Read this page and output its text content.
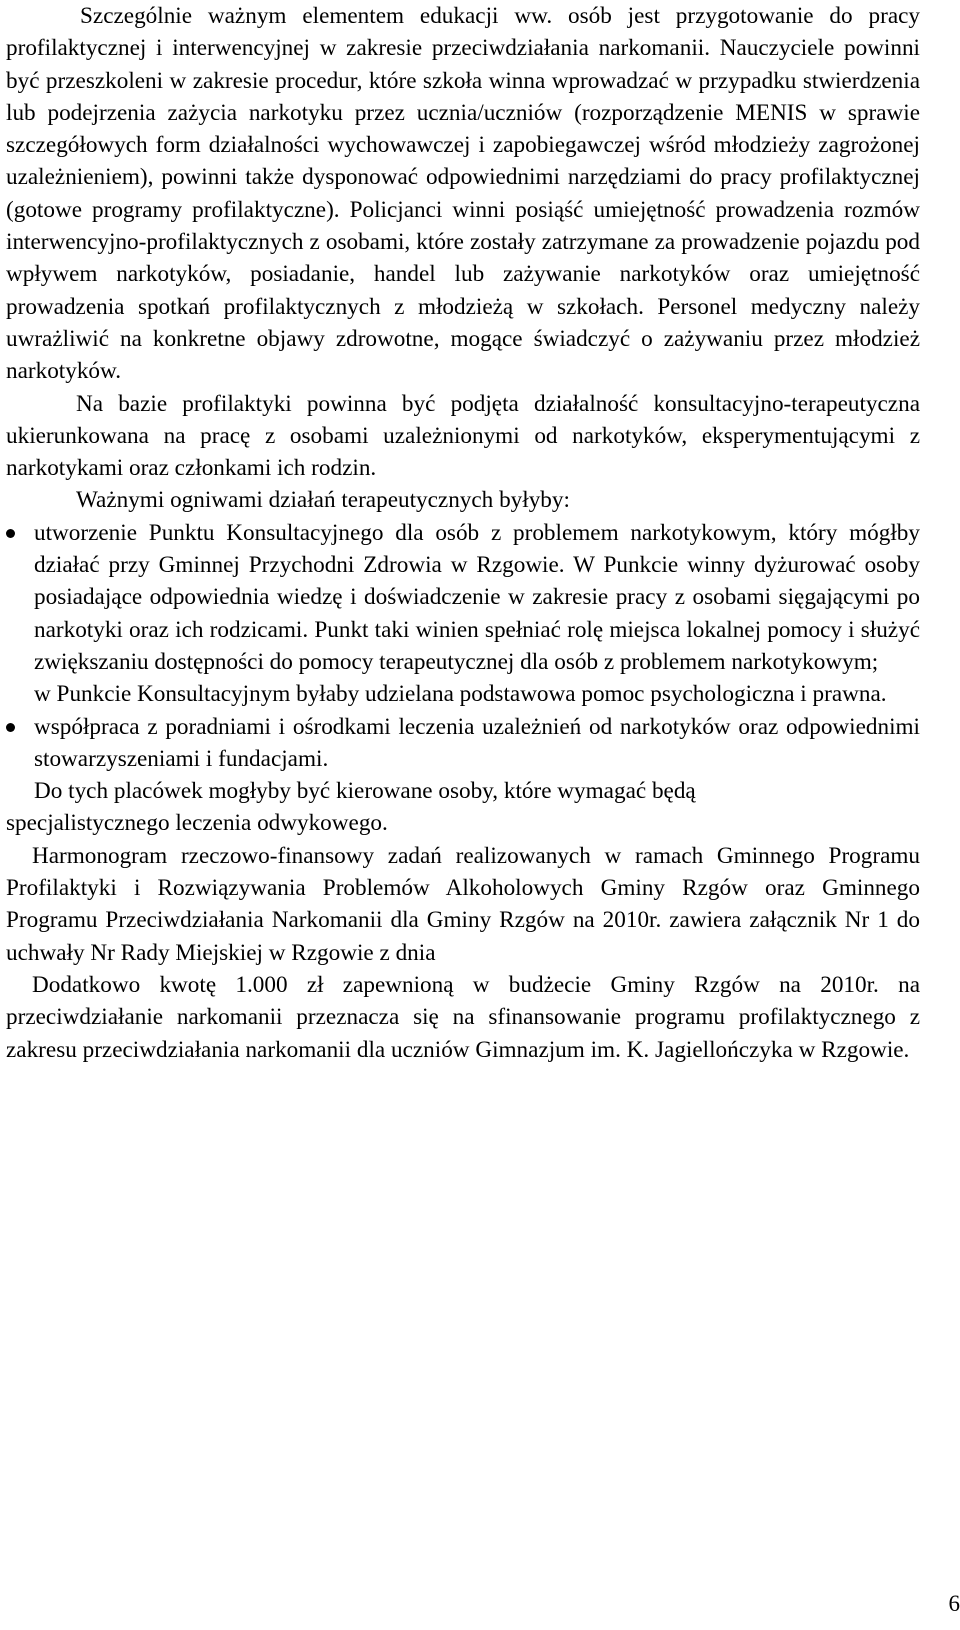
Szczególnie ważnym elementem edukacji ww. osób jest przygotowanie do pracy profilaktycznej i interwencyjnej w zakresie przeciwdziałania narkomanii. Nauczyciele powinni być przeszkoleni w zakresie procedur, które szkoła winna wprowadzać w przypadku stwierdzenia lub podejrzenia zażycia narkotyku przez ucznia/uczniów (rozporządzenie MENIS w sprawie szczegółowych form działalności wychowawczej i zapobiegawczej wśród młodzieży zagrożonej uzależnieniem), powinni także dysponować odpowiednimi narzędziami do pracy profilaktycznej (gotowe programy profilaktyczne). Policjanci winni posiąść umiejętność prowadzenia rozmów interwencyjno-profilaktycznych z osobami, które zostały zatrzymane za prowadzenie pojazdu pod wpływem narkotyków, posiadanie, handel lub zażywanie narkotyków oraz umiejętność prowadzenia spotkań profilaktycznych z młodzieżą w szkołach. Personel medyczny należy uwrażliwić na konkretne objawy zdrowotne, mogące świadczyć o zażywaniu przez młodzież narkotyków.

Na bazie profilaktyki powinna być podjęta działalność konsultacyjno-terapeutyczna ukierunkowana na pracę z osobami uzależnionymi od narkotyków, eksperymentującymi z narkotykami oraz członkami ich rodzin.

Ważnymi ogniwami działań terapeutycznych byłyby:

utworzenie Punktu Konsultacyjnego dla osób z problemem narkotykowym, który mógłby działać przy Gminnej Przychodni Zdrowia w Rzgowie. W Punkcie winny dyżurować osoby posiadające odpowiednia wiedzę i doświadczenie w zakresie pracy z osobami sięgającymi po narkotyki oraz ich rodzicami. Punkt taki winien spełniać rolę miejsca lokalnej pomocy i służyć zwiększaniu dostępności do pomocy terapeutycznej dla osób z problemem narkotykowym;

w Punkcie Konsultacyjnym byłaby udzielana podstawowa pomoc psychologiczna i prawna.

współpraca z poradniami i ośrodkami leczenia uzależnień od narkotyków oraz odpowiednimi stowarzyszeniami i fundacjami.

Do tych placówek mogłyby być kierowane osoby, które wymagać będą

specjalistycznego leczenia odwykowego.

Harmonogram rzeczowo-finansowy zadań realizowanych w ramach Gminnego Programu Profilaktyki i Rozwiązywania Problemów Alkoholowych Gminy Rzgów oraz Gminnego Programu Przeciwdziałania Narkomanii dla Gminy Rzgów na 2010r. zawiera załącznik Nr 1 do uchwały Nr Rady Miejskiej w Rzgowie z dnia

Dodatkowo kwotę 1.000 zł zapewnioną w budżecie Gminy Rzgów na 2010r. na przeciwdziałanie narkomanii przeznacza się na sfinansowanie programu profilaktycznego z zakresu przeciwdziałania narkomanii dla uczniów Gimnazjum im. K. Jagiellończyka w Rzgowie.

6
